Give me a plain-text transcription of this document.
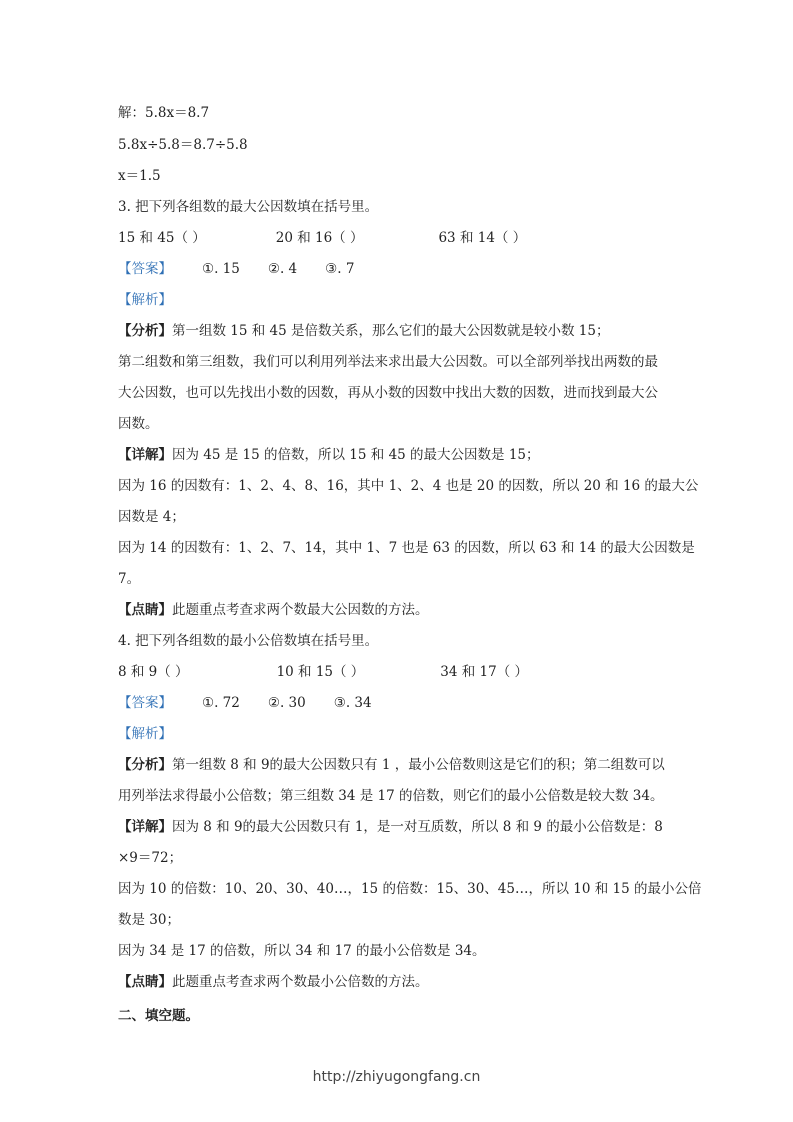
解：5.8x＝8.7
5.8x÷5.8＝8.7÷5.8
x＝1.5
3. 把下列各组数的最大公因数填在括号里。
15 和 45（ ）	20 和 16（ ）	63 和 14（ ）
【答案】 ①. 15 ②. 4 ③. 7
【解析】
【分析】第一组数 15 和 45 是倍数关系，那么它们的最大公因数就是较小数 15；
第二组数和第三组数，我们可以利用列举法来求出最大公因数。可以全部列举找出两数的最
大公因数，也可以先找出小数的因数，再从小数的因数中找出大数的因数，进而找到最大公
因数。
【详解】因为 45 是 15 的倍数，所以 15 和 45 的最大公因数是 15；
因为 16 的因数有：1、2、4、8、16，其中 1、2、4 也是 20 的因数，所以 20 和 16 的最大公
因数是 4；
因为 14 的因数有：1、2、7、14，其中 1、7 也是 63 的因数，所以 63 和 14 的最大公因数是
7。
【点睛】此题重点考查求两个数最大公因数的方法。
4. 把下列各组数的最小公倍数填在括号里。
8 和 9（ ）	10 和 15（ ）	34 和 17（ ）
【答案】 ①. 72 ②. 30 ③. 34
【解析】
【分析】第一组数 8 和 9的最大公因数只有 1 ，最小公倍数则这是它们的积；第二组数可以
用列举法求得最小公倍数；第三组数 34 是 17 的倍数，则它们的最小公倍数是较大数 34。
【详解】因为 8 和 9的最大公因数只有 1，是一对互质数，所以 8 和 9 的最小公倍数是：8
×9＝72；
因为 10 的倍数：10、20、30、40…，15 的倍数：15、30、45…，所以 10 和 15 的最小公倍
数是 30；
因为 34 是 17 的倍数，所以 34 和 17 的最小公倍数是 34。
【点睛】此题重点考查求两个数最小公倍数的方法。
二、填空题。
http://zhiyugongfang.cn
